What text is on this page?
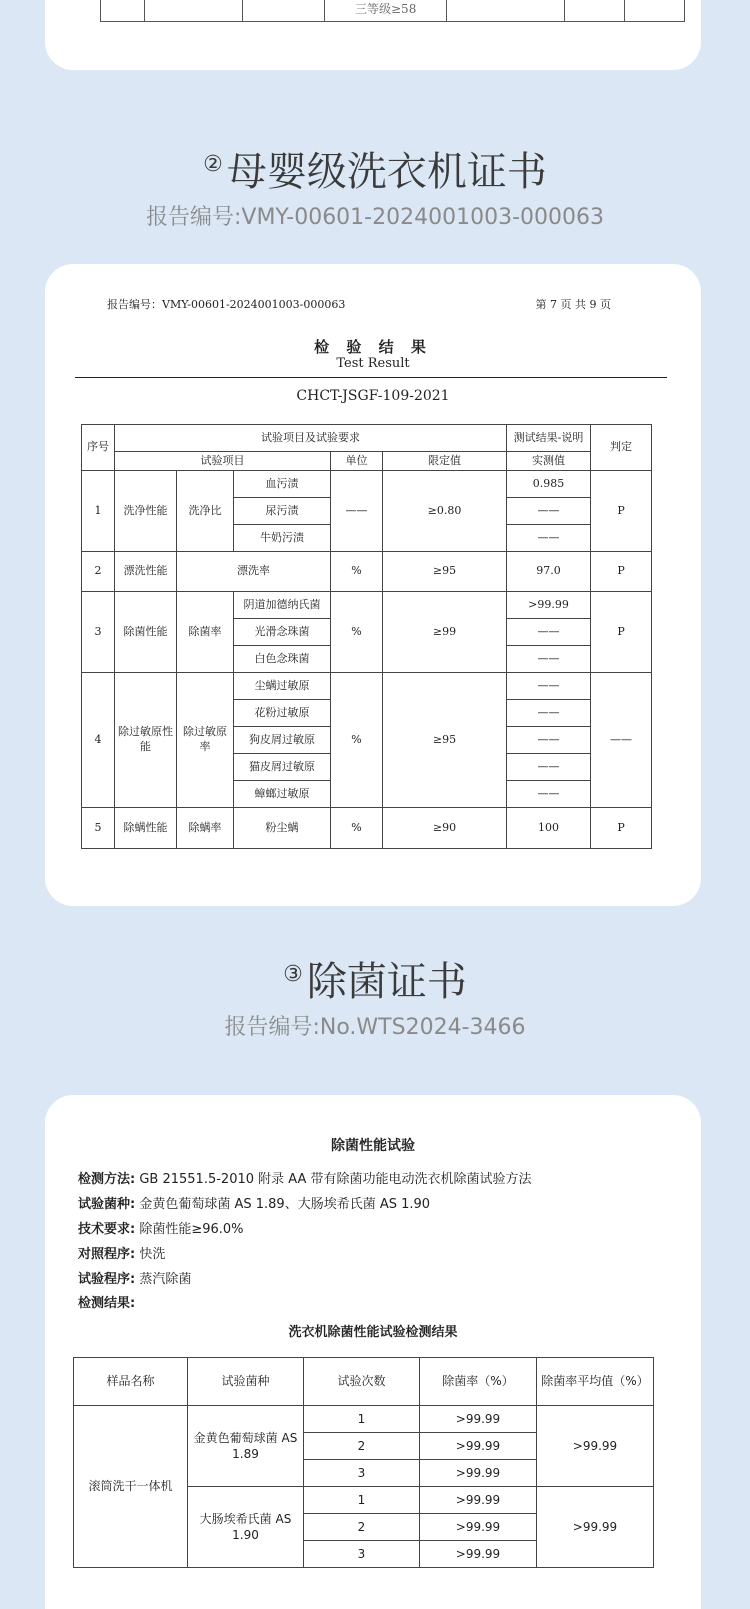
三等级≥58
② 母婴级洗衣机证书
报告编号:VMY-00601-2024001003-000063
报告编号：VMY-00601-2024001003-000063	第 7 页 共 9 页
检 验 结 果
Test Result
CHCT-JSGF-109-2021
序号	试验项目及试验要求					测试结果-说明	判定
	试验项目			单位	限定值	实测值	
1	洗净性能	洗净比	血污渍	——	≥0.80	0.985	P
			尿污渍			——	
			牛奶污渍			——	
2	漂洗性能	漂洗率		%	≥95	97.0	P
3	除菌性能	除菌率	阴道加德纳氏菌	%	≥99	>99.99	P
			光滑念珠菌			——	
			白色念珠菌			——	
4	除过敏原性能	除过敏原率	尘螨过敏原	%	≥95	——	——
			花粉过敏原			——	
			狗皮屑过敏原			——	
			猫皮屑过敏原			——	
			蟑螂过敏原			——	
5	除螨性能	除螨率	粉尘螨	%	≥90	100	P
③ 除菌证书
报告编号:No.WTS2024-3466
除菌性能试验
检测方法: GB 21551.5-2010 附录 AA 带有除菌功能电动洗衣机除菌试验方法
试验菌种: 金黄色葡萄球菌 AS 1.89、大肠埃希氏菌 AS 1.90
技术要求: 除菌性能≥96.0%
对照程序: 快洗
试验程序: 蒸汽除菌
检测结果:
洗衣机除菌性能试验检测结果
样品名称	试验菌种	试验次数	除菌率（%）	除菌率平均值（%）
滚筒洗干一体机	金黄色葡萄球菌 AS 1.89	1	>99.99	>99.99
		2	>99.99	
		3	>99.99	
	大肠埃希氏菌 AS 1.90	1	>99.99	>99.99
		2	>99.99	
		3	>99.99	
